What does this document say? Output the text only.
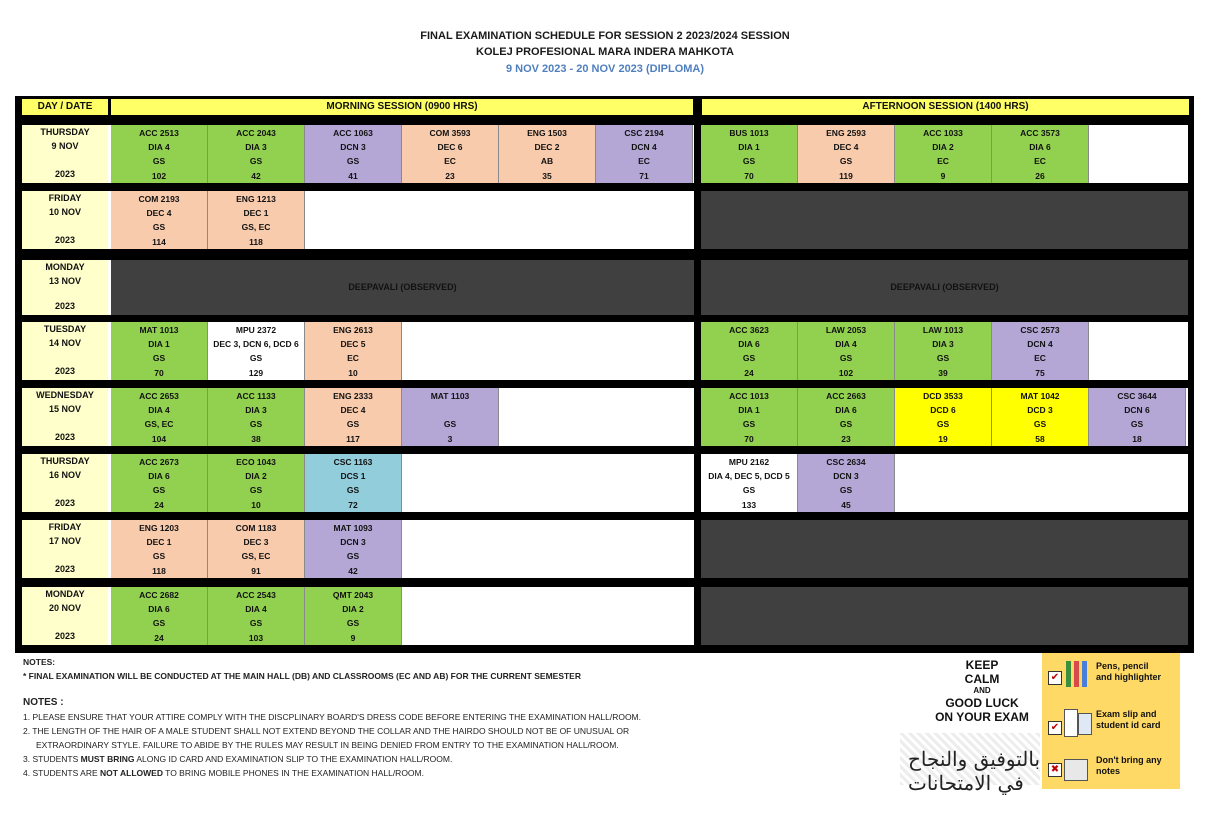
FINAL EXAMINATION SCHEDULE FOR SESSION 2 2023/2024 SESSION
KOLEJ PROFESIONAL MARA INDERA MAHKOTA
9 NOV 2023 - 20 NOV 2023 (DIPLOMA)
DAY / DATE	MORNING SESSION (0900 HRS)
THURSDAY
9 NOV
2023
ACC 2513
DIA 4
GS
102
ACC 2043
DIA 3
GS
42
ACC 1063
DCN 3
GS
41
COM 3593
DEC 6
EC
23
ENG 1503
DEC 2
AB
35
CSC 2194
DCN 4
EC
71
FRIDAY
10 NOV
2023
COM 2193
DEC 4
GS
114
ENG 1213
DEC 1
GS, EC
118
MONDAY
13 NOV
2023
DEEPAVALI (OBSERVED)
TUESDAY
14 NOV
2023
MAT 1013
DIA 1
GS
70
MPU 2372
DEC 3, DCN 6, DCD 6
GS
129
ENG 2613
DEC 5
EC
10
WEDNESDAY
15 NOV
2023
ACC 2653
DIA 4
GS, EC
104
ACC 1133
DIA 3
GS
38
ENG 2333
DEC 4
GS
117
MAT 1103
GS
3
THURSDAY
16 NOV
2023
ACC 2673
DIA 6
GS
24
ECO 1043
DIA 2
GS
10
CSC 1163
DCS 1
GS
72
FRIDAY
17 NOV
2023
ENG 1203
DEC 1
GS
118
COM 1183
DEC 3
GS, EC
91
MAT 1093
DCN 3
GS
42
MONDAY
20 NOV
2023
ACC 2682
DIA 6
GS
24
ACC 2543
DIA 4
GS
103
QMT 2043
DIA 2
GS
9
AFTERNOON SESSION (1400 HRS)
BUS 1013
DIA 1
GS
70
ENG 2593
DEC 4
GS
119
ACC 1033
DIA 2
EC
9
ACC 3573
DIA 6
EC
26
DEEPAVALI (OBSERVED)
ACC 3623
DIA 6
GS
24
LAW 2053
DIA 4
GS
102
LAW 1013
DIA 3
GS
39
CSC 2573
DCN 4
EC
75
ACC 1013
DIA 1
GS
70
ACC 2663
DIA 6
GS
23
DCD 3533
DCD 6
GS
19
MAT 1042
DCD 3
GS
58
CSC 3644
DCN 6
GS
18
MPU 2162
DIA 4, DEC 5, DCD 5
GS
133
CSC 2634
DCN 3
GS
45
NOTES:
* FINAL EXAMINATION WILL BE CONDUCTED AT THE MAIN HALL (DB) AND CLASSROOMS (EC AND AB) FOR THE CURRENT SEMESTER
NOTES :
1. PLEASE ENSURE THAT YOUR ATTIRE COMPLY WITH THE DISCPLINARY BOARD'S DRESS CODE BEFORE ENTERING THE EXAMINATION HALL/ROOM.
2. THE LENGTH OF THE HAIR OF A MALE STUDENT SHALL NOT EXTEND BEYOND THE COLLAR AND THE HAIRDO SHOULD NOT BE OF UNUSUAL OR
EXTRAORDINARY STYLE. FAILURE TO ABIDE BY THE RULES MAY RESULT IN BEING DENIED FROM ENTRY TO THE EXAMINATION HALL/ROOM.
3. STUDENTS MUST BRING ALONG ID CARD AND EXAMINATION SLIP TO THE EXAMINATION HALL/ROOM.
4. STUDENTS ARE NOT ALLOWED TO BRING MOBILE PHONES IN THE EXAMINATION HALL/ROOM.
KEEP
CALM
AND
GOOD LUCK
ON YOUR EXAM
بالتوفيق والنجاح في الامتحانات
✔
Pens, pencil
and highlighter
✔
Exam slip and
student id card
✖
Don't bring any
notes
